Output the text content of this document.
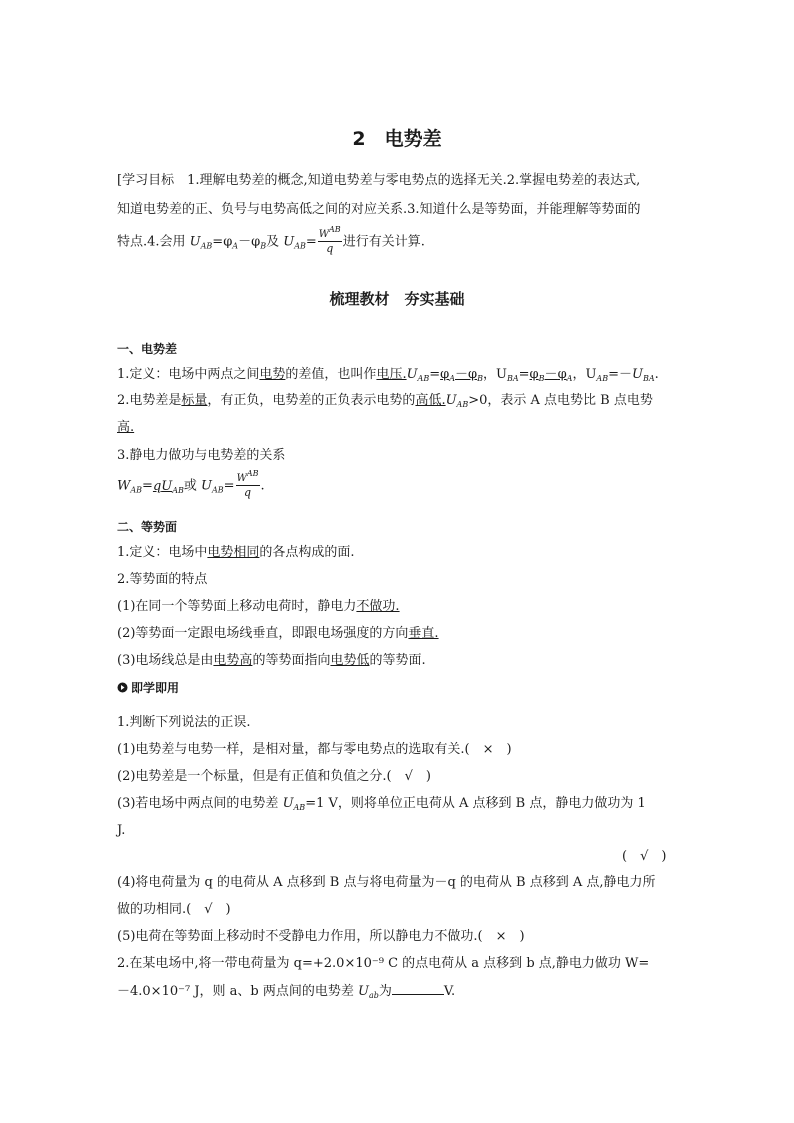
2　电势差
[学习目标　1.理解电势差的概念,知道电势差与零电势点的选择无关.2.掌握电势差的表达式,
知道电势差的正、负号与电势高低之间的对应关系.3.知道什么是等势面，并能理解等势面的
特点.4.会用 $U_{AB}=\varphi_A-\varphi_B$及 $U_{AB}= \frac{W^{AB}}{q}$ 进行有关计算.
梳理教材　夯实基础
一、电势差
1.定义：电场中两点之间电势的差值，也叫作电压$.U_{AB}=\varphi_A-\varphi_B$，$U_{BA}=\varphi_B-\varphi_A$，$U_{AB}=-U_{BA}$.
2.电势差是标量，有正负，电势差的正负表示电势的高低$.U_{AB}>0$，表示 A 点电势比 B 点电势
高.
3.静电力做功与电势差的关系
$W_{AB}=qU_{AB}$或 $U_{AB}= \frac{W^{AB}}{q}$ .
二、等势面
1.定义：电场中电势相同的各点构成的面.
2.等势面的特点
(1)在同一个等势面上移动电荷时，静电力不做功.
(2)等势面一定跟电场线垂直，即跟电场强度的方向垂直.
(3)电场线总是由电势高的等势面指向电势低的等势面.
即学即用
1.判断下列说法的正误.
(1)电势差与电势一样，是相对量，都与零电势点的选取有关.(　×　)
(2)电势差是一个标量，但是有正值和负值之分.(　√　)
(3)若电场中两点间的电势差 $U_{AB}=1$ V，则将单位正电荷从 A 点移到 B 点，静电力做功为 1
J.
(　√　)
(4)将电荷量为 q 的电荷从 A 点移到 B 点与将电荷量为－q 的电荷从 B 点移到 A 点,静电力所
做的功相同.(　√　)
(5)电荷在等势面上移动时不受静电力作用，所以静电力不做功.(　×　)
2.在某电场中,将一带电荷量为 q=+2.0×10⁻⁹ C 的点电荷从 a 点移到 b 点,静电力做功 W=
－4.0×10⁻⁷ J，则 a、b 两点间的电势差 $U_{ab}$为	V.
